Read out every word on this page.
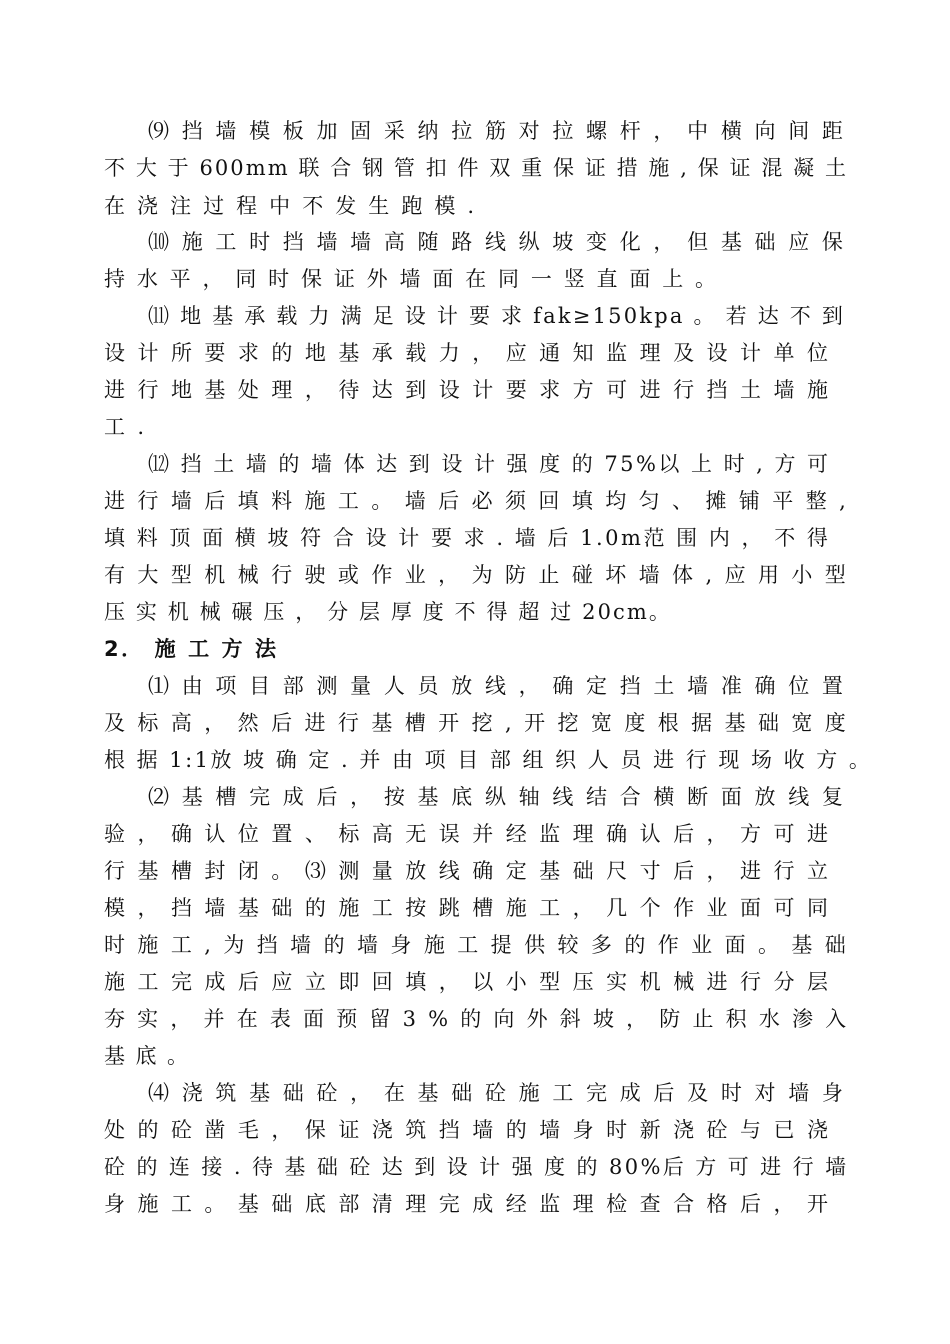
⑼ 挡 墙 模 板 加 固 采 纳 拉 筋 对 拉 螺 杆 ， 中 横 向 间 距
不 大 于 600mm 联 合 钢 管 扣 件 双 重 保 证 措 施 , 保 证 混 凝 土
在 浇 注 过 程 中 不 发 生 跑 模 .
⑽ 施 工 时 挡 墙 墙 高 随 路 线 纵 坡 变 化 ， 但 基 础 应 保
持 水 平 ， 同 时 保 证 外 墙 面 在 同 一 竖 直 面 上 。
⑾ 地 基 承 载 力 满 足 设 计 要 求 fak≥150kpa 。 若 达 不 到
设 计 所 要 求 的 地 基 承 载 力 ， 应 通 知 监 理 及 设 计 单 位
进 行 地 基 处 理 ， 待 达 到 设 计 要 求 方 可 进 行 挡 土 墙 施
工 .
⑿ 挡 土 墙 的 墙 体 达 到 设 计 强 度 的 75%以 上 时 , 方 可
进 行 墙 后 填 料 施 工 。 墙 后 必 须 回 填 均 匀 、 摊 铺 平 整 ,
填 料 顶 面 横 坡 符 合 设 计 要 求 . 墙 后 1.0m范 围 内 ， 不 得
有 大 型 机 械 行 驶 或 作 业 ， 为 防 止 碰 坏 墙 体 , 应 用 小 型
压 实 机 械 碾 压 ， 分 层 厚 度 不 得 超 过 20cm。
2． 施 工 方 法
⑴ 由 项 目 部 测 量 人 员 放 线 ， 确 定 挡 土 墙 准 确 位 置
及 标 高 ， 然 后 进 行 基 槽 开 挖 , 开 挖 宽 度 根 据 基 础 宽 度
根 据 1:1放 坡 确 定 . 并 由 项 目 部 组 织 人 员 进 行 现 场 收 方 。
⑵ 基 槽 完 成 后 ， 按 基 底 纵 轴 线 结 合 横 断 面 放 线 复
验 ， 确 认 位 置 、 标 高 无 误 并 经 监 理 确 认 后 ， 方 可 进
行 基 槽 封 闭 。 ⑶ 测 量 放 线 确 定 基 础 尺 寸 后 ， 进 行 立
模 ， 挡 墙 基 础 的 施 工 按 跳 槽 施 工 ， 几 个 作 业 面 可 同
时 施 工 , 为 挡 墙 的 墙 身 施 工 提 供 较 多 的 作 业 面 。 基 础
施 工 完 成 后 应 立 即 回 填 ， 以 小 型 压 实 机 械 进 行 分 层
夯 实 ， 并 在 表 面 预 留 3 % 的 向 外 斜 坡 ， 防 止 积 水 渗 入
基 底 。
⑷ 浇 筑 基 础 砼 ， 在 基 础 砼 施 工 完 成 后 及 时 对 墙 身
处 的 砼 凿 毛 ， 保 证 浇 筑 挡 墙 的 墙 身 时 新 浇 砼 与 已 浇
砼 的 连 接 . 待 基 础 砼 达 到 设 计 强 度 的 80%后 方 可 进 行 墙
身 施 工 。 基 础 底 部 清 理 完 成 经 监 理 检 查 合 格 后 ， 开
